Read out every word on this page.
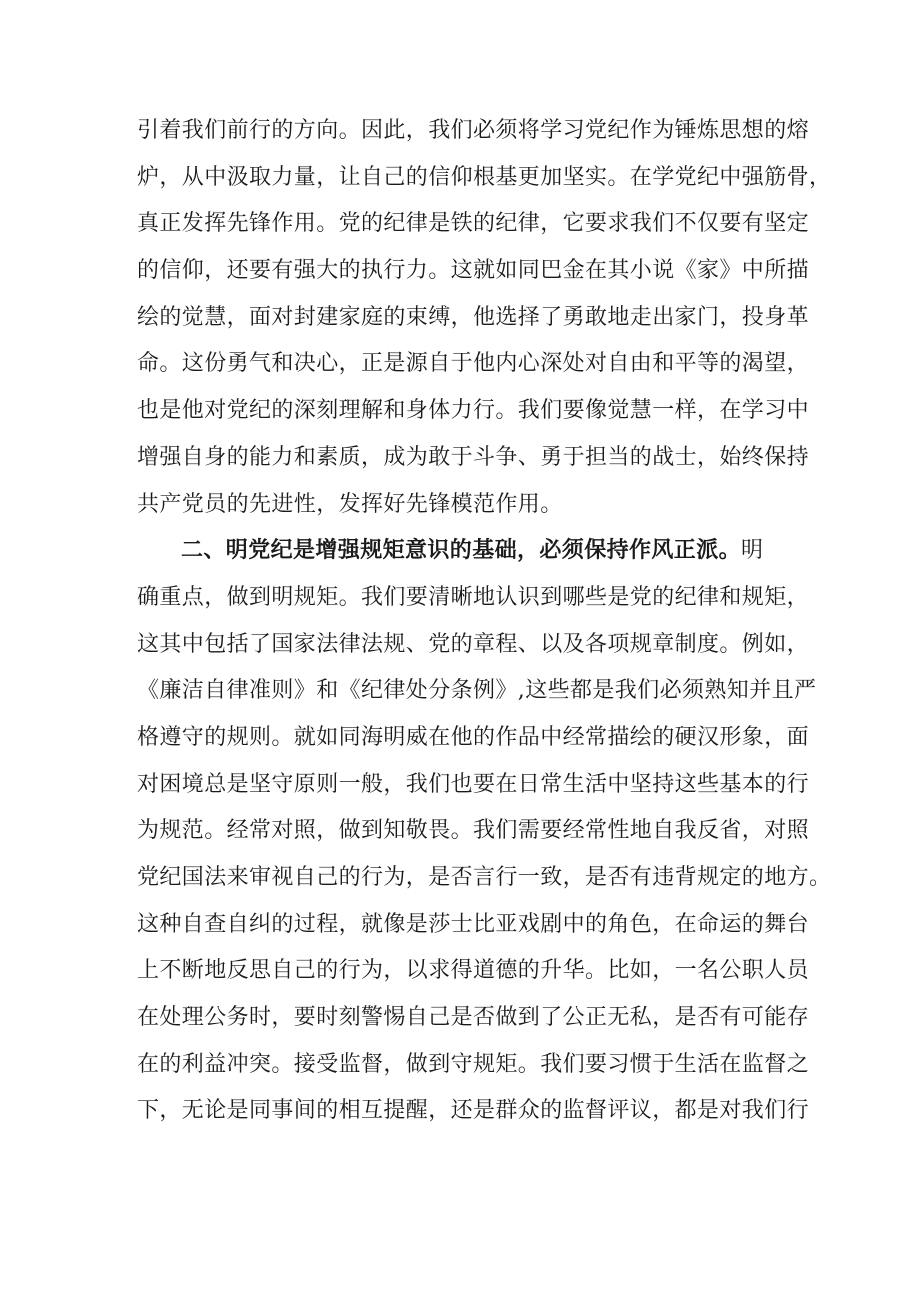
引着我们前行的方向。因此，我们必须将学习党纪作为锤炼思想的熔
炉，从中汲取力量，让自己的信仰根基更加坚实。在学党纪中强筋骨，
真正发挥先锋作用。党的纪律是铁的纪律，它要求我们不仅要有坚定
的信仰，还要有强大的执行力。这就如同巴金在其小说《家》中所描
绘的觉慧，面对封建家庭的束缚，他选择了勇敢地走出家门，投身革
命。这份勇气和决心，正是源自于他内心深处对自由和平等的渴望，
也是他对党纪的深刻理解和身体力行。我们要像觉慧一样，在学习中
增强自身的能力和素质，成为敢于斗争、勇于担当的战士，始终保持
共产党员的先进性，发挥好先锋模范作用。
二、明党纪是增强规矩意识的基础，必须保持作风正派。明
确重点，做到明规矩。我们要清晰地认识到哪些是党的纪律和规矩，
这其中包括了国家法律法规、党的章程、以及各项规章制度。例如，
《廉洁自律准则》和《纪律处分条例》,这些都是我们必须熟知并且严
格遵守的规则。就如同海明威在他的作品中经常描绘的硬汉形象，面
对困境总是坚守原则一般，我们也要在日常生活中坚持这些基本的行
为规范。经常对照，做到知敬畏。我们需要经常性地自我反省，对照
党纪国法来审视自己的行为，是否言行一致，是否有违背规定的地方。
这种自查自纠的过程，就像是莎士比亚戏剧中的角色，在命运的舞台
上不断地反思自己的行为，以求得道德的升华。比如，一名公职人员
在处理公务时，要时刻警惕自己是否做到了公正无私，是否有可能存
在的利益冲突。接受监督，做到守规矩。我们要习惯于生活在监督之
下，无论是同事间的相互提醒，还是群众的监督评议，都是对我们行
